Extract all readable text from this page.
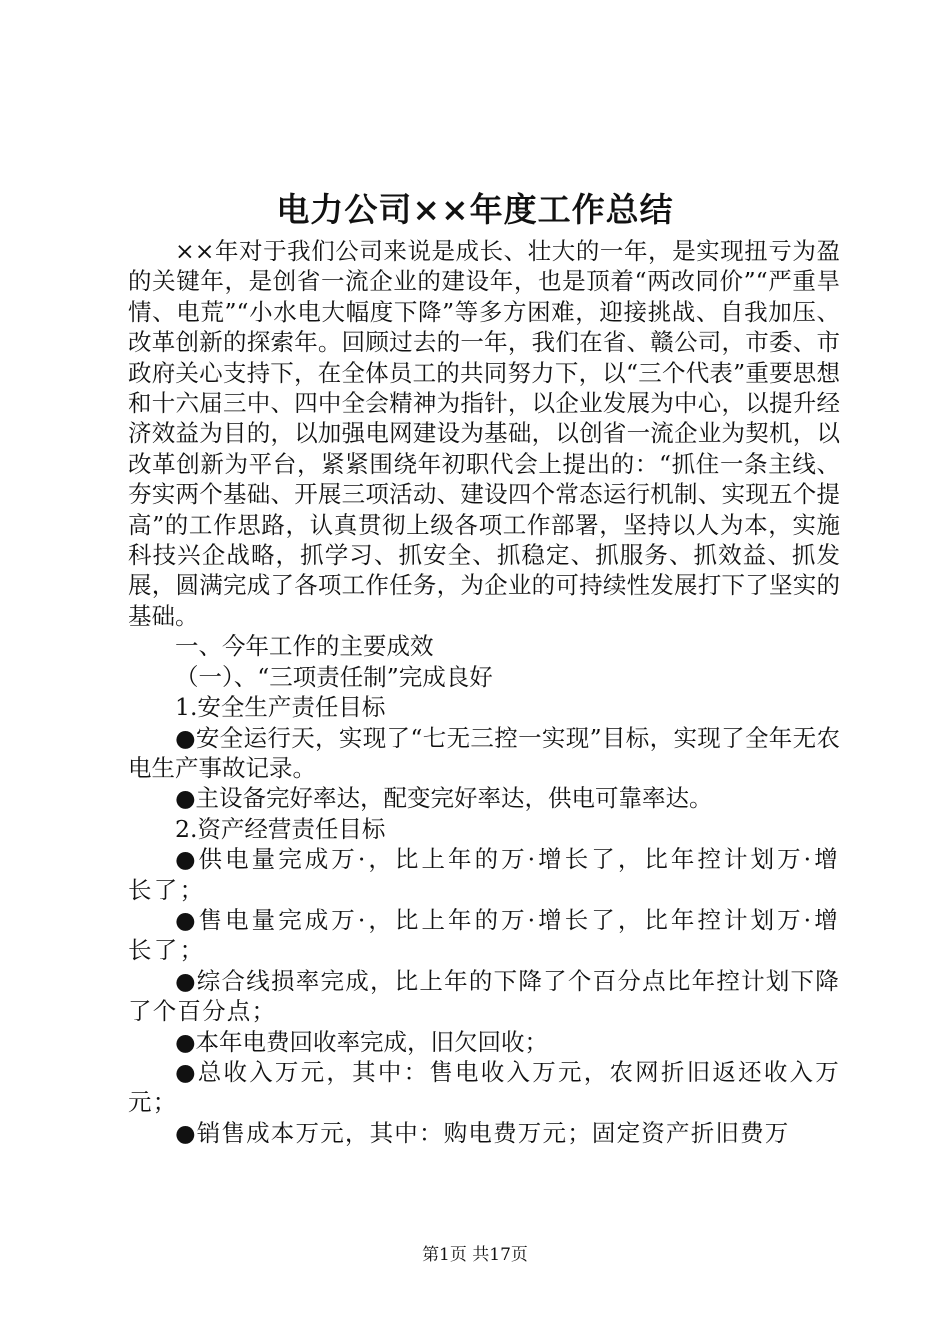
电力公司××年度工作总结

××年对于我们公司来说是成长、壮大的一年，是实现扭亏为盈的关键年，是创省一流企业的建设年，也是顶着“两改同价”“严重旱情、电荒”“小水电大幅度下降”等多方困难，迎接挑战、自我加压、改革创新的探索年。回顾过去的一年，我们在省、赣公司，市委、市政府关心支持下，在全体员工的共同努力下，以“三个代表”重要思想和十六届三中、四中全会精神为指针，以企业发展为中心，以提升经济效益为目的，以加强电网建设为基础，以创省一流企业为契机，以改革创新为平台，紧紧围绕年初职代会上提出的：“抓住一条主线、夯实两个基础、开展三项活动、建设四个常态运行机制、实现五个提高”的工作思路，认真贯彻上级各项工作部署，坚持以人为本，实施科技兴企战略，抓学习、抓安全、抓稳定、抓服务、抓效益、抓发展，圆满完成了各项工作任务，为企业的可持续性发展打下了坚实的基础。

一、今年工作的主要成效

（一）、“三项责任制”完成良好

1.安全生产责任目标

●安全运行天，实现了“七无三控一实现”目标，实现了全年无农电生产事故记录。

●主设备完好率达，配变完好率达，供电可靠率达。

2.资产经营责任目标

●供电量完成万·，比上年的万·增长了，比年控计划万·增长了；

●售电量完成万·，比上年的万·增长了，比年控计划万·增长了；

●综合线损率完成，比上年的下降了个百分点比年控计划下降了个百分点；

●本年电费回收率完成，旧欠回收；

●总收入万元，其中：售电收入万元，农网折旧返还收入万元；

●销售成本万元，其中：购电费万元；固定资产折旧费万

第1页 共17页
